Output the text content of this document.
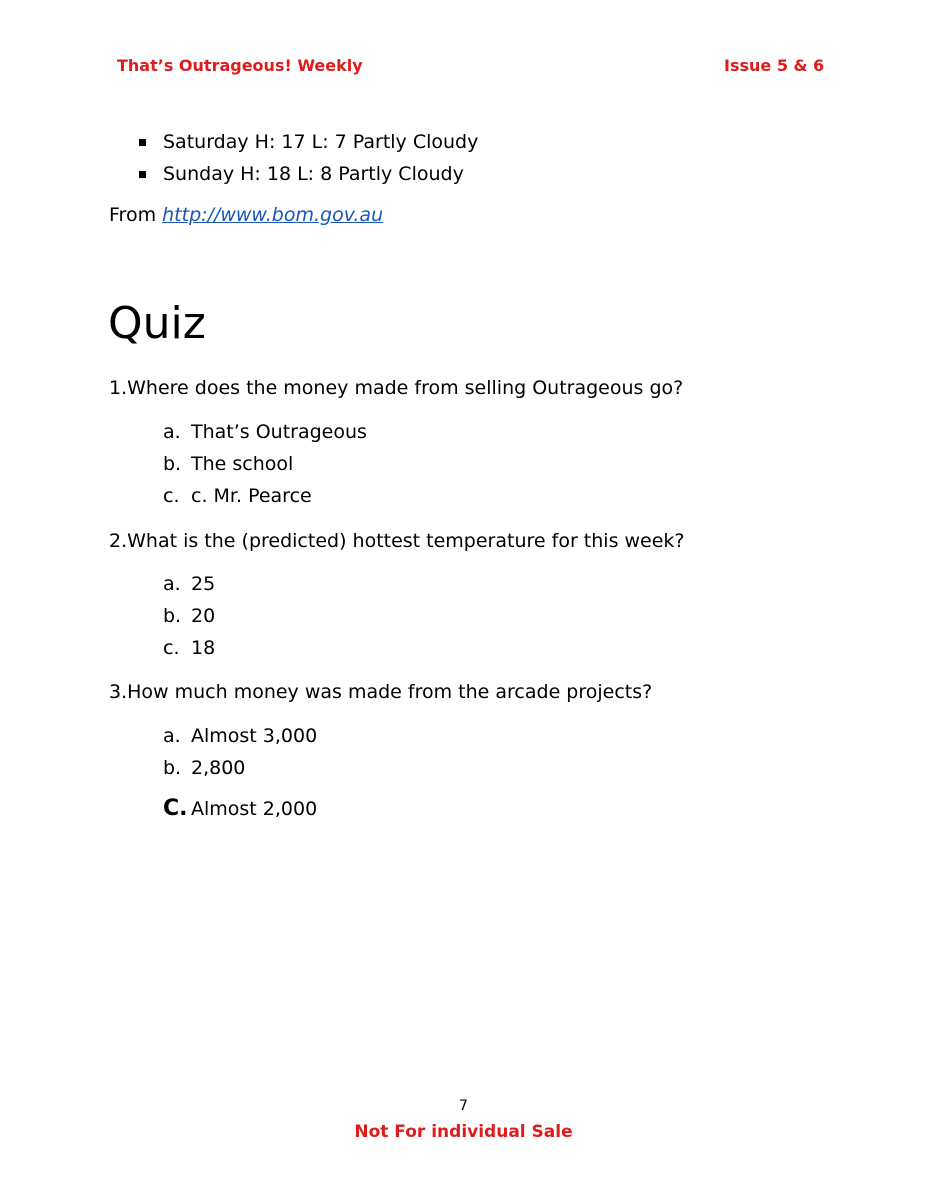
That’s Outrageous! Weekly	Issue 5 & 6
Saturday H: 17 L: 7 Partly Cloudy
Sunday H: 18 L: 8 Partly Cloudy
From http://www.bom.gov.au
Quiz
1.Where does the money made from selling Outrageous go?
a. That’s Outrageous
b. The school
c. c. Mr. Pearce
2.What is the (predicted) hottest temperature for this week?
a. 25
b. 20
c. 18
3.How much money was made from the arcade projects?
a. Almost 3,000
b. 2,800
C. Almost 2,000
7
Not For individual Sale
